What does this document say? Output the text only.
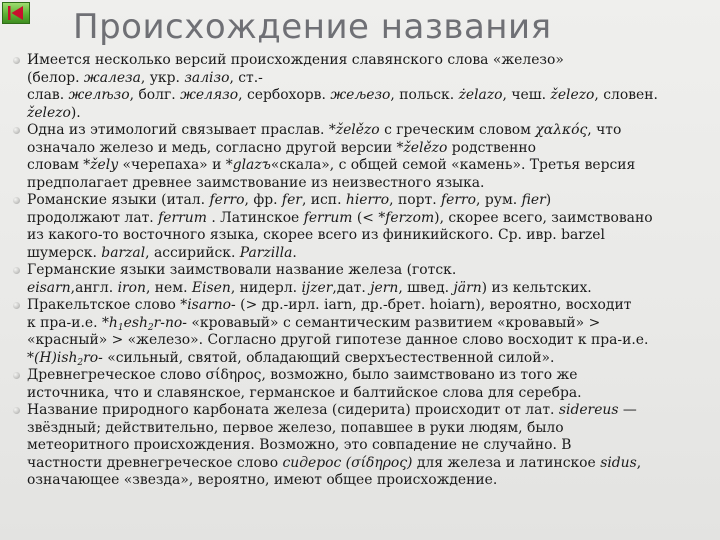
Происхождение названия
Имеется несколько версий происхождения славянского слова «железо»
(белор. жалеза, укр. залiзо, ст.-
слав. желѣзо, болг. желязо, сербохорв. жељезо, польск. żelazo, чеш. železo, словен.
železo).
Одна из этимологий связывает праслав. *želězo с греческим словом χαλκός, что
означало железо и медь, согласно другой версии *želězo родственно
словам *žely «черепаха» и *glazъ«скала», с общей семой «камень». Третья версия
предполагает древнее заимствование из неизвестного языка.
Романские языки (итал. ferro, фр. fer, исп. hierro, порт. ferro, рум. fier)
продолжают лат. ferrum . Латинское ferrum (< *ferzom), скорее всего, заимствовано
из какого-то восточного языка, скорее всего из финикийского. Ср. ивр. barzel
шумерск. barzal, ассирийск. Parzilla.
Германские языки заимствовали название железа (готск.
eisarn,англ. iron, нем. Eisen, нидерл. ijzer,дат. jern, швед. järn) из кельтских.
Пракельтское слово *isarno- (> др.-ирл. iarn, др.-брет. hoiarn), вероятно, восходит
к пра-и.е. $*h_1esh_2r-no-$ «кровавый» с семантическим развитием «кровавый» >
«красный» > «железо». Согласно другой гипотезе данное слово восходит к пра-и.е.
*(H)ish$_2$ro- «сильный, святой, обладающий сверхъестественной силой».
Древнегреческое слово σίδηρος, возможно, было заимствовано из того же
источника, что и славянское, германское и балтийское слова для серебра.
Название природного карбоната железа (сидерита) происходит от лат. sidereus —
звёздный; действительно, первое железо, попавшее в руки людям, было
метеоритного происхождения. Возможно, это совпадение не случайно. В
частности древнегреческое слово сидерос (σίδηρος) для железа и латинское sidus,
означающее «звезда», вероятно, имеют общее происхождение.
